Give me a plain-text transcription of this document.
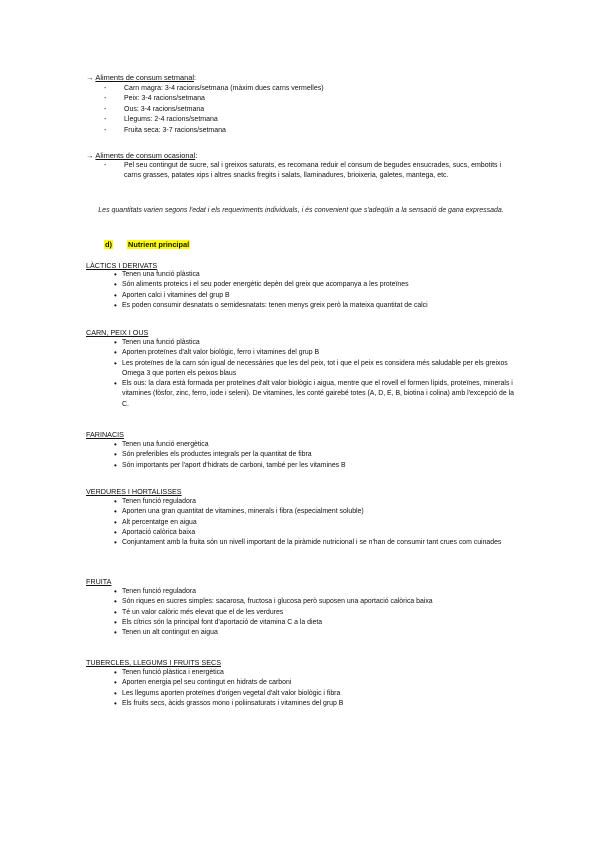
→ Aliments de consum setmanal:
- Carn magra: 3-4 racions/setmana (màxim dues carns vermelles)
- Peix: 3-4 racions/setmana
- Ous: 3-4 racions/setmana
- Llegums: 2-4 racions/setmana
- Fruita seca: 3-7 racions/setmana
→ Aliments de consum ocasional:
-	Pel seu contingut de sucre, sal i greixos saturats, es recomana reduir el consum de begudes ensucrades, sucs, embotits i carns grasses, patates xips i altres snacks fregits i salats, llaminadures, brioixeria, galetes, mantega, etc.
Les quantitats varien segons l'edat i els requeriments individuals, i és convenient que s'adeqüin a la sensació de gana expressada.
d) Nutrient principal
LÀCTICS I DERIVATS
• Tenen una funció plàstica
• Són aliments proteics i el seu poder energètic depèn del greix que acompanya a les proteïnes
• Aporten calci i vitamines del grup B
• Es poden consumir desnatats o semidesnatats: tenen menys greix però la mateixa quantitat de calci
CARN, PEIX I OUS
• Tenen una funció plàstica
• Aporten proteïnes d'alt valor biològic, ferro i vitamines del grup B
• Les proteïnes de la carn són igual de necessàries que les del peix, tot i que el peix es considera més saludable per els greixos Omega 3 que porten els peixos blaus
• Els ous: la clara està formada per proteïnes d'alt valor biològic i aigua, mentre que el rovell el formen lípids, proteïnes, minerals i vitamines (fòsfor, zinc, ferro, iode i seleni). De vitamines, les conté gairebé totes (A, D, E, B, biotina i colina) amb l'excepció de la C.
FARINACIS
• Tenen una funció energètica
• Són preferibles els productes integrals per la quantitat de fibra
• Són importants per l'aport d'hidrats de carboni, també per les vitamines B
VERDURES I HORTALISSES
• Tenen funció reguladora
• Aporten una gran quantitat de vitamines, minerals i fibra (especialment soluble)
• Alt percentatge en aigua
• Aportació calòrica baixa
• Conjuntament amb la fruita són un nivell important de la piràmide nutricional i se n'han de consumir tant crues com cuinades
FRUITA
• Tenen funció reguladora
• Són riques en sucres simples: sacarosa, fructosa i glucosa però suposen una aportació calòrica baixa
• Té un valor calòric més elevat que el de les verdures
• Els cítrics són la principal font d'aportació de vitamina C a la dieta
• Tenen un alt contingut en aigua
TUBERCLES, LLEGUMS I FRUITS SECS
• Tenen funció plàstica i energètica
• Aporten energia pel seu contingut en hidrats de carboni
• Les llegums aporten proteïnes d'origen vegetal d'alt valor biològic i fibra
• Els fruits secs, àcids grassos mono i poliinsaturats i vitamines del grup B
